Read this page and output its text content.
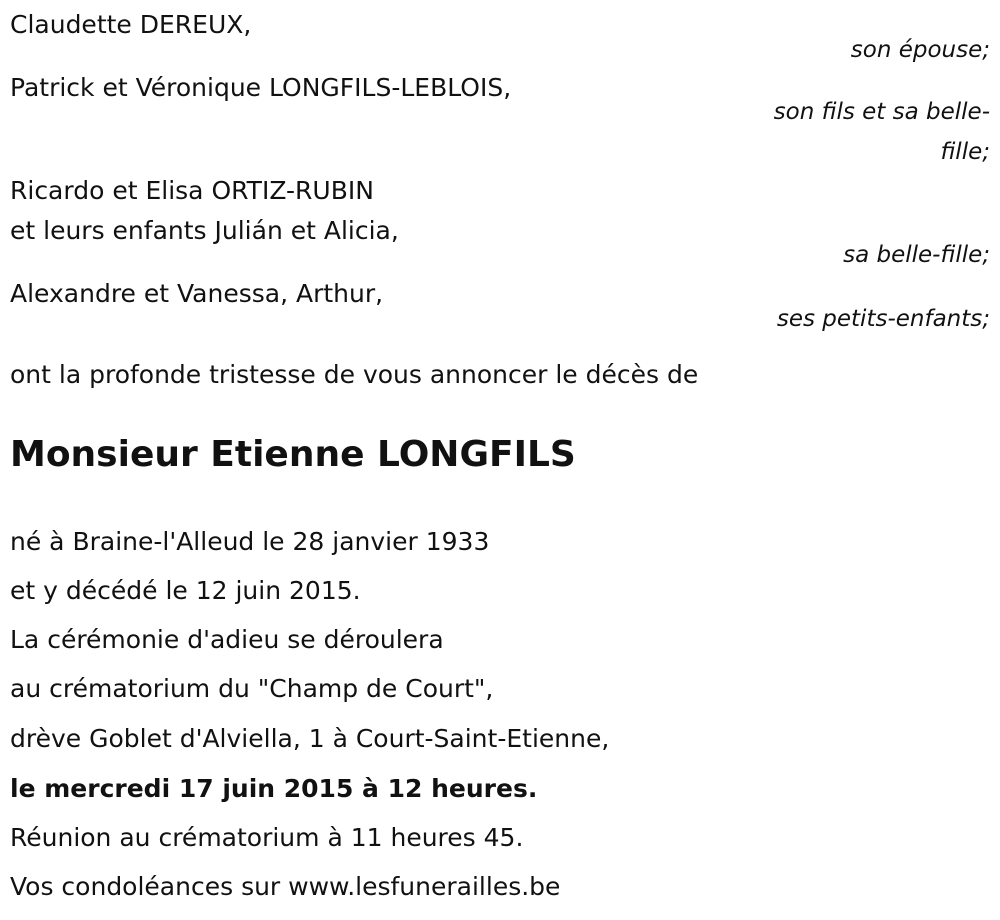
Claudette DEREUX,
son épouse;
Patrick et Véronique LONGFILS-LEBLOIS,
son fils et sa belle-
fille;
Ricardo et Elisa ORTIZ-RUBIN
et leurs enfants Julián et Alicia,
sa belle-fille;
Alexandre et Vanessa, Arthur,
ses petits-enfants;
ont la profonde tristesse de vous annoncer le décès de
Monsieur Etienne LONGFILS
né à Braine-l'Alleud le 28 janvier 1933
et y décédé le 12 juin 2015.
La cérémonie d'adieu se déroulera
au crématorium du "Champ de Court",
drève Goblet d'Alviella, 1 à Court-Saint-Etienne,
le mercredi 17 juin 2015 à 12 heures.
Réunion au crématorium à 11 heures 45.
Vos condoléances sur www.lesfunerailles.be
